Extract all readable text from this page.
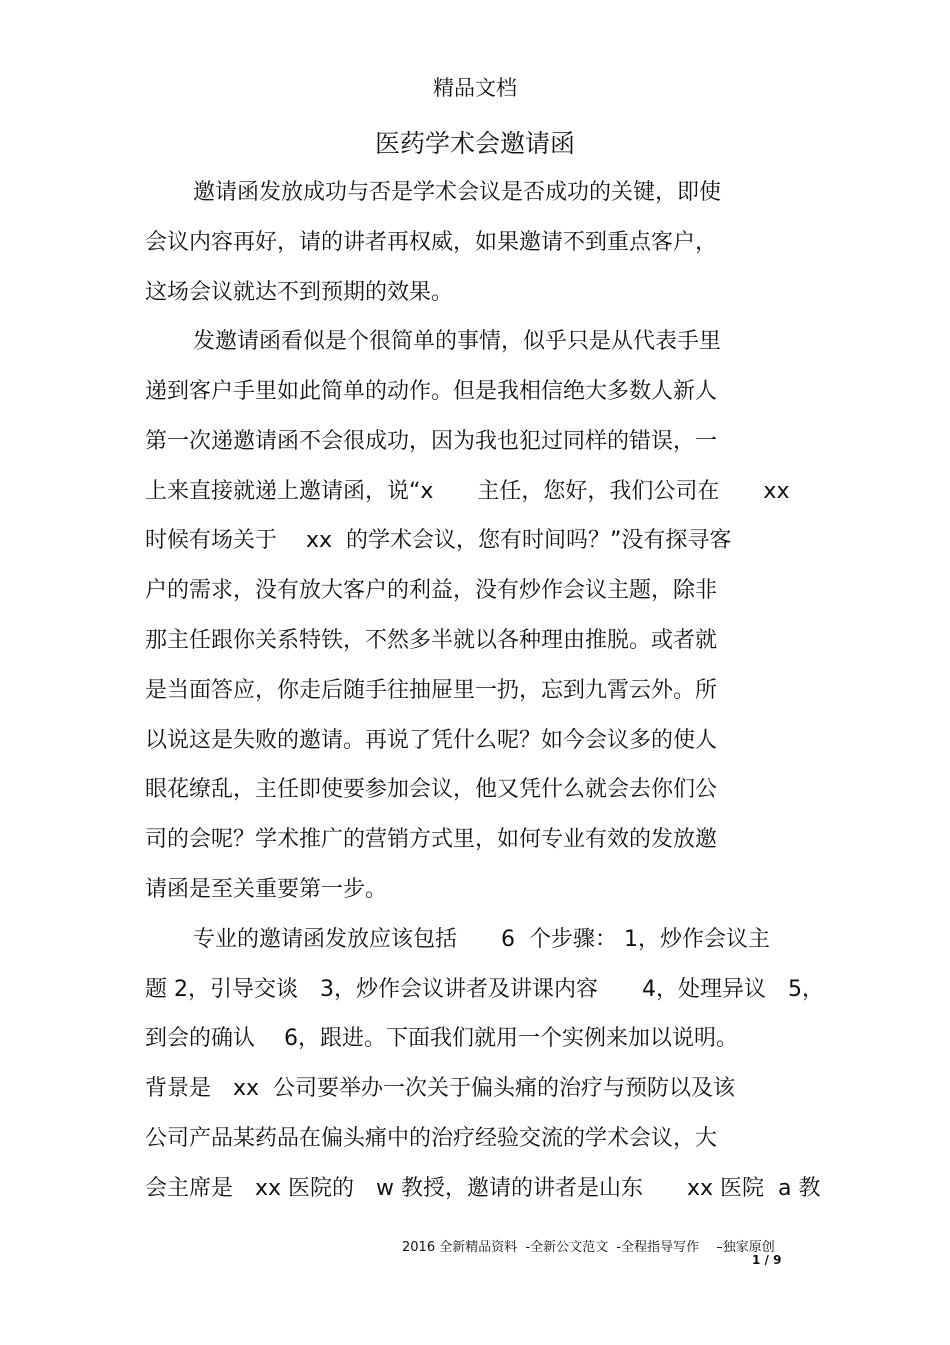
精品文档
医药学术会邀请函
邀请函发放成功与否是学术会议是否成功的关键，即使
会议内容再好，请的讲者再权威，如果邀请不到重点客户，
这场会议就达不到预期的效果。
发邀请函看似是个很简单的事情，似乎只是从代表手里
递到客户手里如此简单的动作。但是我相信绝大多数人新人
第一次递邀请函不会很成功，因为我也犯过同样的错误，一
上来直接就递上邀请函，说“x　　主任，您好，我们公司在　　xx
时候有场关于　 xx  的学术会议，您有时间吗？”没有探寻客
户的需求，没有放大客户的利益，没有炒作会议主题，除非
那主任跟你关系特铁，不然多半就以各种理由推脱。或者就
是当面答应，你走后随手往抽屉里一扔，忘到九霄云外。所
以说这是失败的邀请。再说了凭什么呢？如今会议多的使人
眼花缭乱，主任即使要参加会议，他又凭什么就会去你们公
司的会呢？学术推广的营销方式里，如何专业有效的发放邀
请函是至关重要第一步。
专业的邀请函发放应该包括　　6  个步骤： 1，炒作会议主
题 2，引导交谈　3，炒作会议讲者及讲课内容　　4，处理异议　5，
到会的确认　 6，跟进。下面我们就用一个实例来加以说明。
背景是　xx  公司要举办一次关于偏头痛的治疗与预防以及该
公司产品某药品在偏头痛中的治疗经验交流的学术会议，大
会主席是　xx 医院的　w 教授，邀请的讲者是山东　　xx 医院  a 教
2016 全新精品资料  -全新公文范文  -全程指导写作　 –独家原创
1 / 9
